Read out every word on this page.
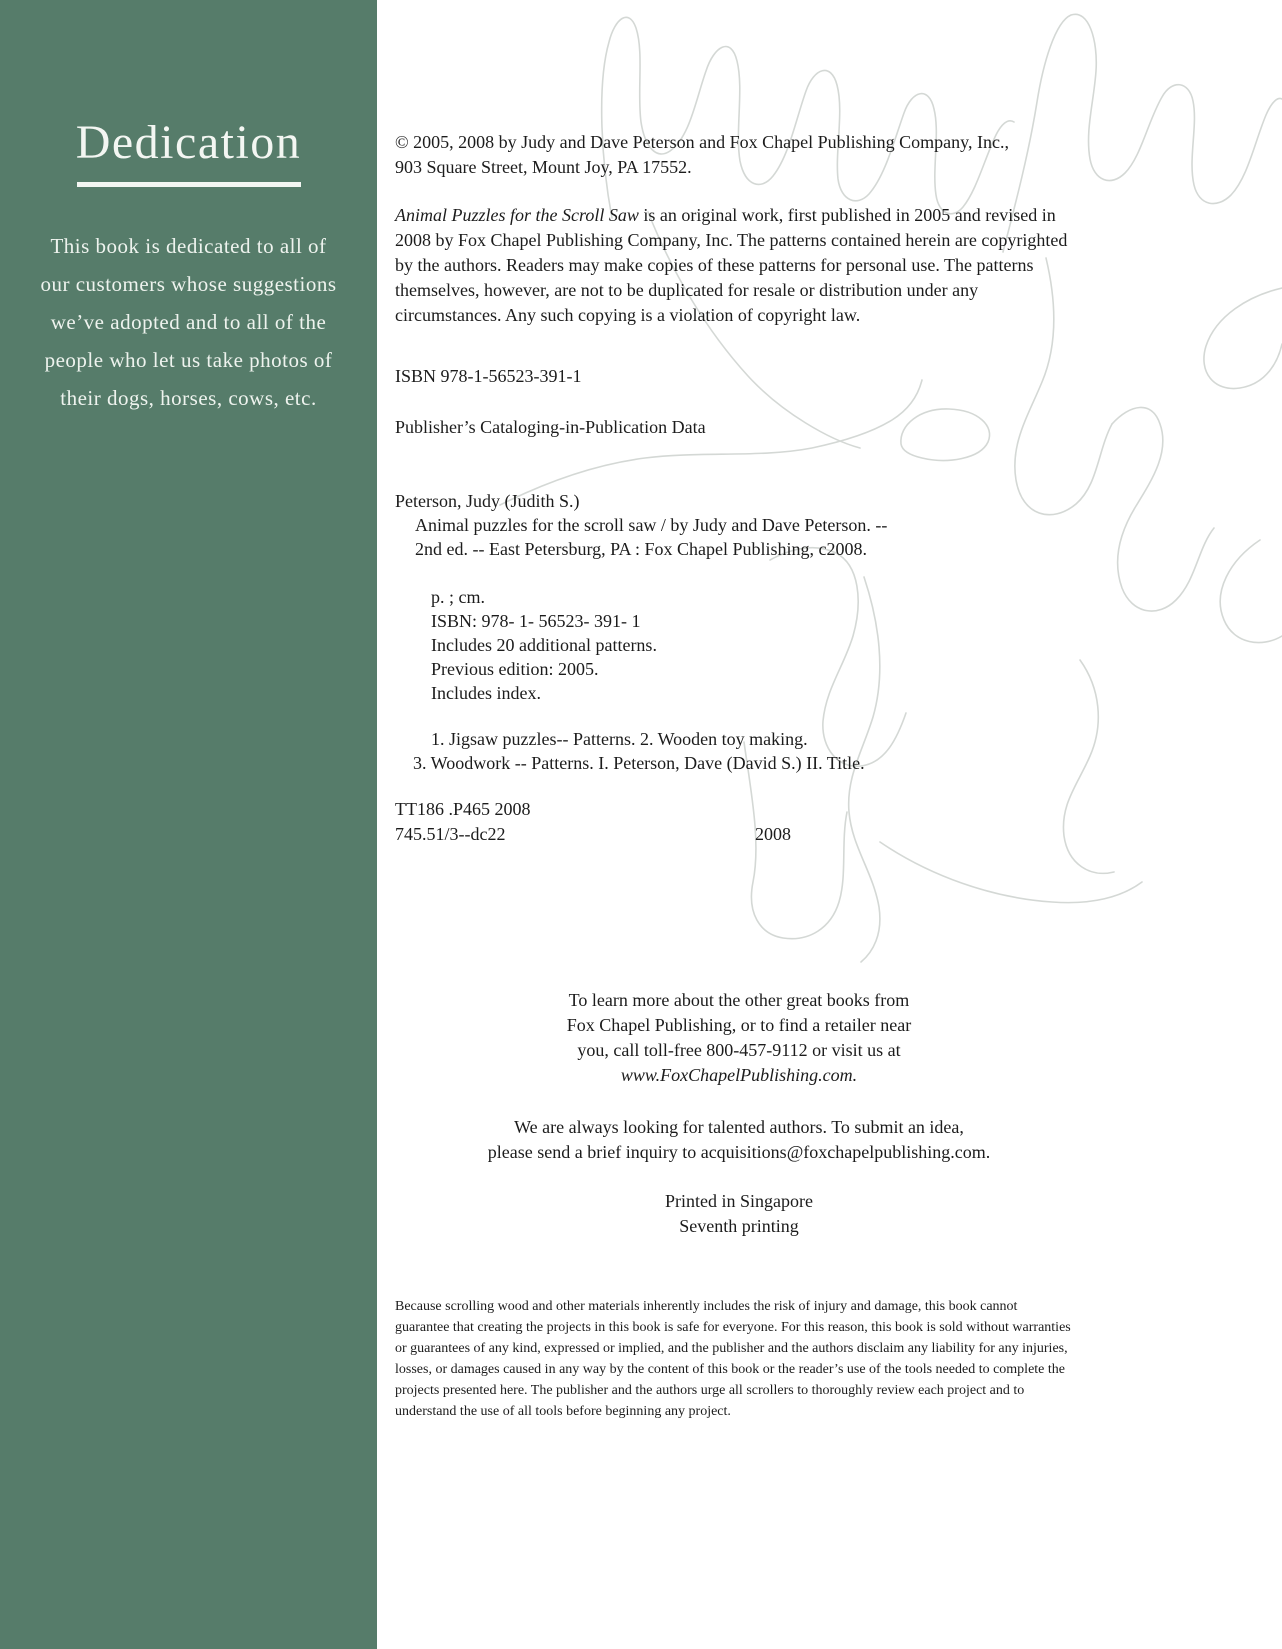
Dedication
This book is dedicated to all of
our customers whose suggestions
we’ve adopted and to all of the
people who let us take photos of
their dogs, horses, cows, etc.
© 2005, 2008 by Judy and Dave Peterson and Fox Chapel Publishing Company, Inc.,
903 Square Street, Mount Joy, PA 17552.
Animal Puzzles for the Scroll Saw is an original work, first published in 2005 and revised in 2008 by Fox Chapel Publishing Company, Inc. The patterns contained herein are copyrighted by the authors. Readers may make copies of these patterns for personal use. The patterns themselves, however, are not to be duplicated for resale or distribution under any circumstances. Any such copying is a violation of copyright law.
ISBN 978-1-56523-391-1
Publisher’s Cataloging-in-Publication Data
Peterson, Judy (Judith S.)
Animal puzzles for the scroll saw / by Judy and Dave Peterson. --
2nd ed. -- East Petersburg, PA : Fox Chapel Publishing, c2008.
p. ; cm.
ISBN: 978- 1- 56523- 391- 1
Includes 20 additional patterns.
Previous edition: 2005.
Includes index.
1. Jigsaw puzzles-- Patterns. 2. Wooden toy making.
3. Woodwork -- Patterns. I. Peterson, Dave (David S.) II. Title.
TT186 .P465 2008
745.51/3--dc22	2008
To learn more about the other great books from
Fox Chapel Publishing, or to find a retailer near
you, call toll-free 800-457-9112 or visit us at
www.FoxChapelPublishing.com.
We are always looking for talented authors. To submit an idea,
please send a brief inquiry to acquisitions@foxchapelpublishing.com.
Printed in Singapore
Seventh printing
Because scrolling wood and other materials inherently includes the risk of injury and damage, this book cannot guarantee that creating the projects in this book is safe for everyone. For this reason, this book is sold without warranties or guarantees of any kind, expressed or implied, and the publisher and the authors disclaim any liability for any injuries, losses, or damages caused in any way by the content of this book or the reader’s use of the tools needed to complete the projects presented here. The publisher and the authors urge all scrollers to thoroughly review each project and to understand the use of all tools before beginning any project.
